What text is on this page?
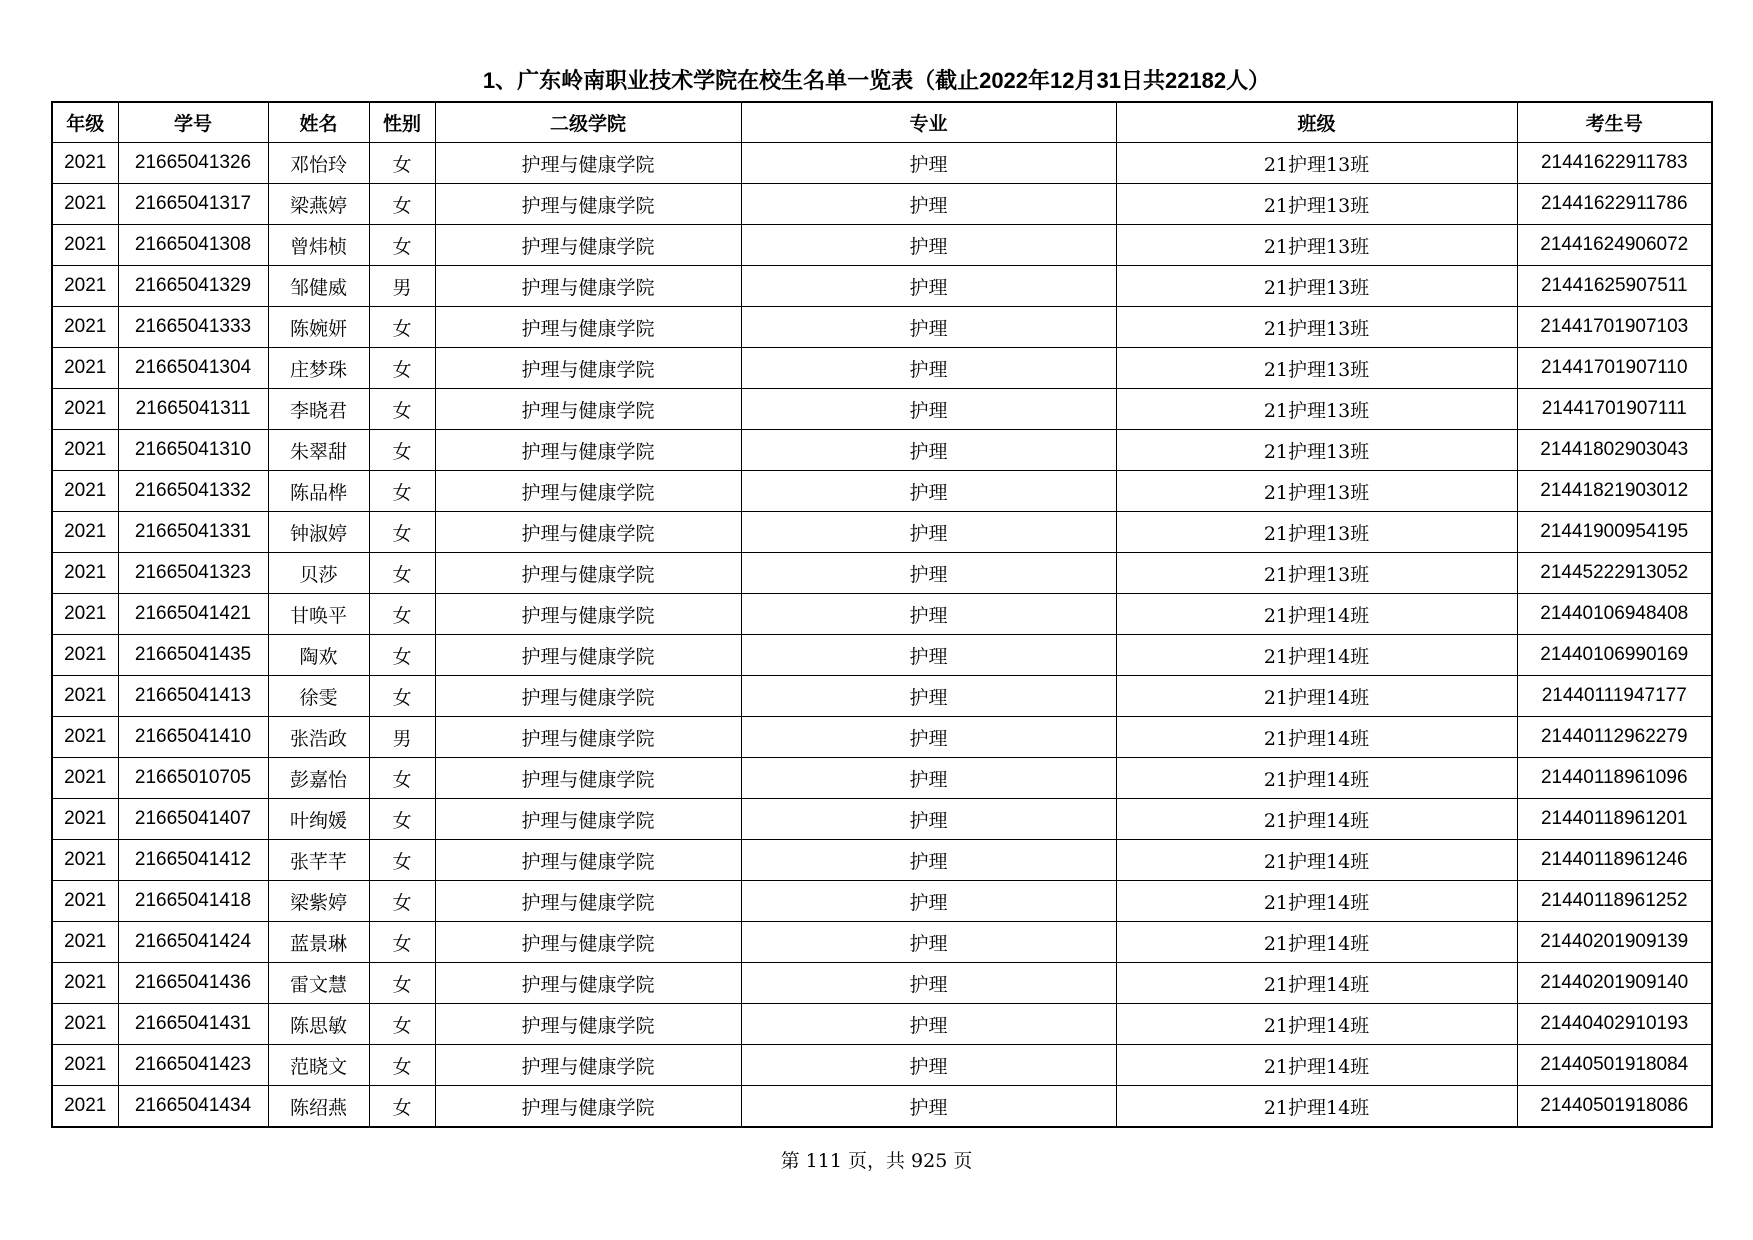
1、广东岭南职业技术学院在校生名单一览表（截止2022年12月31日共22182人）
年级	学号	姓名	性别	二级学院	专业	班级	考生号
2021	21665041326	邓怡玲	女	护理与健康学院	护理	21护理13班	21441622911783
2021	21665041317	梁燕婷	女	护理与健康学院	护理	21护理13班	21441622911786
2021	21665041308	曾炜桢	女	护理与健康学院	护理	21护理13班	21441624906072
2021	21665041329	邹健威	男	护理与健康学院	护理	21护理13班	21441625907511
2021	21665041333	陈婉妍	女	护理与健康学院	护理	21护理13班	21441701907103
2021	21665041304	庄梦珠	女	护理与健康学院	护理	21护理13班	21441701907110
2021	21665041311	李晓君	女	护理与健康学院	护理	21护理13班	21441701907111
2021	21665041310	朱翠甜	女	护理与健康学院	护理	21护理13班	21441802903043
2021	21665041332	陈品桦	女	护理与健康学院	护理	21护理13班	21441821903012
2021	21665041331	钟淑婷	女	护理与健康学院	护理	21护理13班	21441900954195
2021	21665041323	贝莎	女	护理与健康学院	护理	21护理13班	21445222913052
2021	21665041421	甘唤平	女	护理与健康学院	护理	21护理14班	21440106948408
2021	21665041435	陶欢	女	护理与健康学院	护理	21护理14班	21440106990169
2021	21665041413	徐雯	女	护理与健康学院	护理	21护理14班	21440111947177
2021	21665041410	张浩政	男	护理与健康学院	护理	21护理14班	21440112962279
2021	21665010705	彭嘉怡	女	护理与健康学院	护理	21护理14班	21440118961096
2021	21665041407	叶绚媛	女	护理与健康学院	护理	21护理14班	21440118961201
2021	21665041412	张芊芊	女	护理与健康学院	护理	21护理14班	21440118961246
2021	21665041418	梁紫婷	女	护理与健康学院	护理	21护理14班	21440118961252
2021	21665041424	蓝景琳	女	护理与健康学院	护理	21护理14班	21440201909139
2021	21665041436	雷文慧	女	护理与健康学院	护理	21护理14班	21440201909140
2021	21665041431	陈思敏	女	护理与健康学院	护理	21护理14班	21440402910193
2021	21665041423	范晓文	女	护理与健康学院	护理	21护理14班	21440501918084
2021	21665041434	陈绍燕	女	护理与健康学院	护理	21护理14班	21440501918086
第 111 页，共 925 页
